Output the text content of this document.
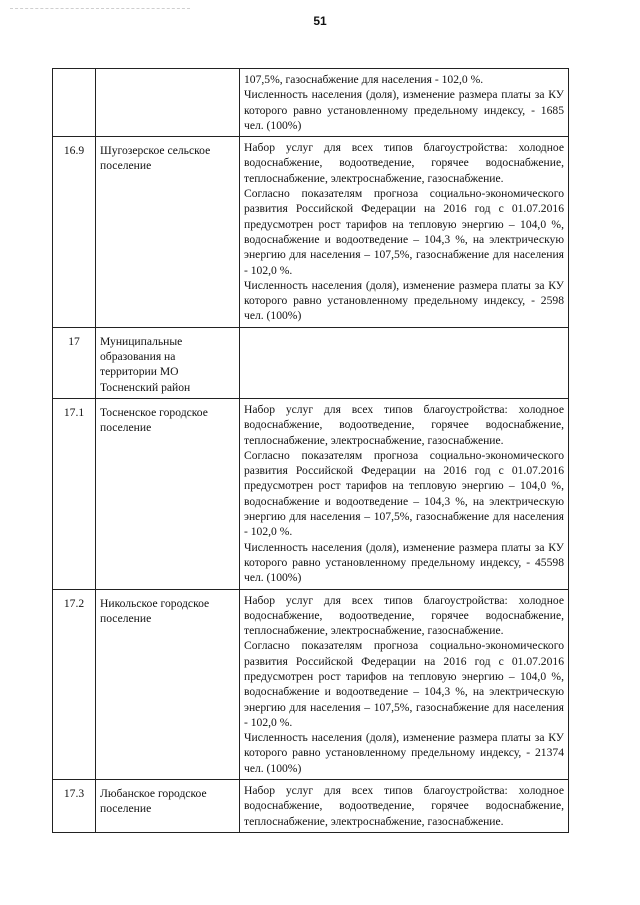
51

		107,5%, газоснабжение для населения - 102,0 %.

Численность населения (доля), изменение размера платы за КУ которого равно установленному предельному индексу, - 1685 чел. (100%)

16.9	Шугозерское сельское поселение	Набор услуг для всех типов благоустройства: холодное водоснабжение, водоотведение, горячее водоснабжение, теплоснабжение, электроснабжение, газоснабжение.

Согласно показателям прогноза социально-экономического развития Российской Федерации на 2016 год с 01.07.2016 предусмотрен рост тарифов на тепловую энергию – 104,0 %, водоснабжение и водоотведение – 104,3 %, на электрическую энергию для населения – 107,5%, газоснабжение для населения - 102,0 %.

Численность населения (доля), изменение размера платы за КУ которого равно установленному предельному индексу, - 2598 чел. (100%)

17	Муниципальные образования на территории МО Тосненский район	
17.1	Тосненское городское поселение	Набор услуг для всех типов благоустройства: холодное водоснабжение, водоотведение, горячее водоснабжение, теплоснабжение, электроснабжение, газоснабжение.

Согласно показателям прогноза социально-экономического развития Российской Федерации на 2016 год с 01.07.2016 предусмотрен рост тарифов на тепловую энергию – 104,0 %, водоснабжение и водоотведение – 104,3 %, на электрическую энергию для населения – 107,5%, газоснабжение для населения - 102,0 %.

Численность населения (доля), изменение размера платы за КУ которого равно установленному предельному индексу, - 45598 чел. (100%)

17.2	Никольское городское поселение	Набор услуг для всех типов благоустройства: холодное водоснабжение, водоотведение, горячее водоснабжение, теплоснабжение, электроснабжение, газоснабжение.

Согласно показателям прогноза социально-экономического развития Российской Федерации на 2016 год с 01.07.2016 предусмотрен рост тарифов на тепловую энергию – 104,0 %, водоснабжение и водоотведение – 104,3 %, на электрическую энергию для населения – 107,5%, газоснабжение для населения - 102,0 %.

Численность населения (доля), изменение размера платы за КУ которого равно установленному предельному индексу, - 21374 чел. (100%)

17.3	Любанское городское поселение	Набор услуг для всех типов благоустройства: холодное водоснабжение, водоотведение, горячее водоснабжение, теплоснабжение, электроснабжение, газоснабжение.
